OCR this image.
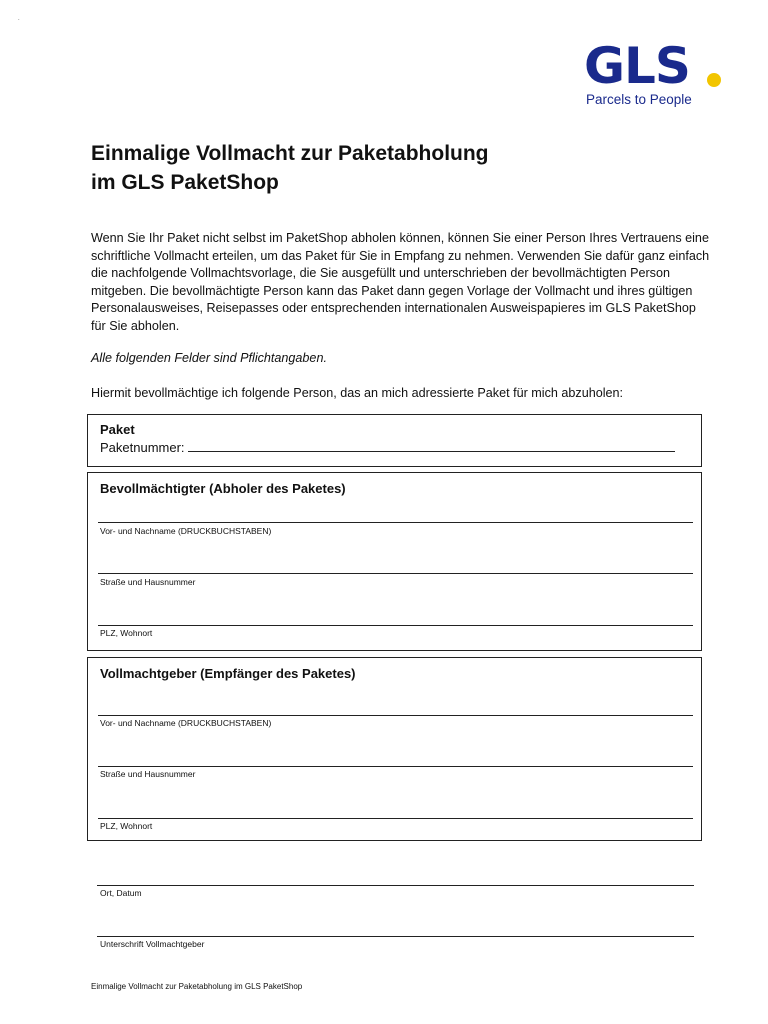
.
GLS
Parcels to People
Einmalige Vollmacht zur Paketabholung
im GLS PaketShop

Wenn Sie Ihr Paket nicht selbst im PaketShop abholen können, können Sie einer Person Ihres Vertrauens eine schriftliche Vollmacht erteilen, um das Paket für Sie in Empfang zu nehmen. Verwenden Sie dafür ganz einfach die nachfolgende Vollmachtsvorlage, die Sie ausgefüllt und unterschrieben der bevollmächtigten Person mitgeben. Die bevollmächtigte Person kann das Paket dann gegen Vorlage der Vollmacht und ihres gültigen Personalausweises, Reisepasses oder entsprechenden internationalen Ausweispapieres im GLS PaketShop für Sie abholen.

Alle folgenden Felder sind Pflichtangaben.

Hiermit bevollmächtige ich folgende Person, das an mich adressierte Paket für mich abzuholen:

Paket
Paketnummer:
Bevollmächtigter (Abholer des Paketes)
Vor- und Nachname (DRUCKBUCHSTABEN)
Straße und Hausnummer
PLZ, Wohnort
Vollmachtgeber (Empfänger des Paketes)
Vor- und Nachname (DRUCKBUCHSTABEN)
Straße und Hausnummer
PLZ, Wohnort
Ort, Datum
Unterschrift Vollmachtgeber
Einmalige Vollmacht zur Paketabholung im GLS PaketShop
